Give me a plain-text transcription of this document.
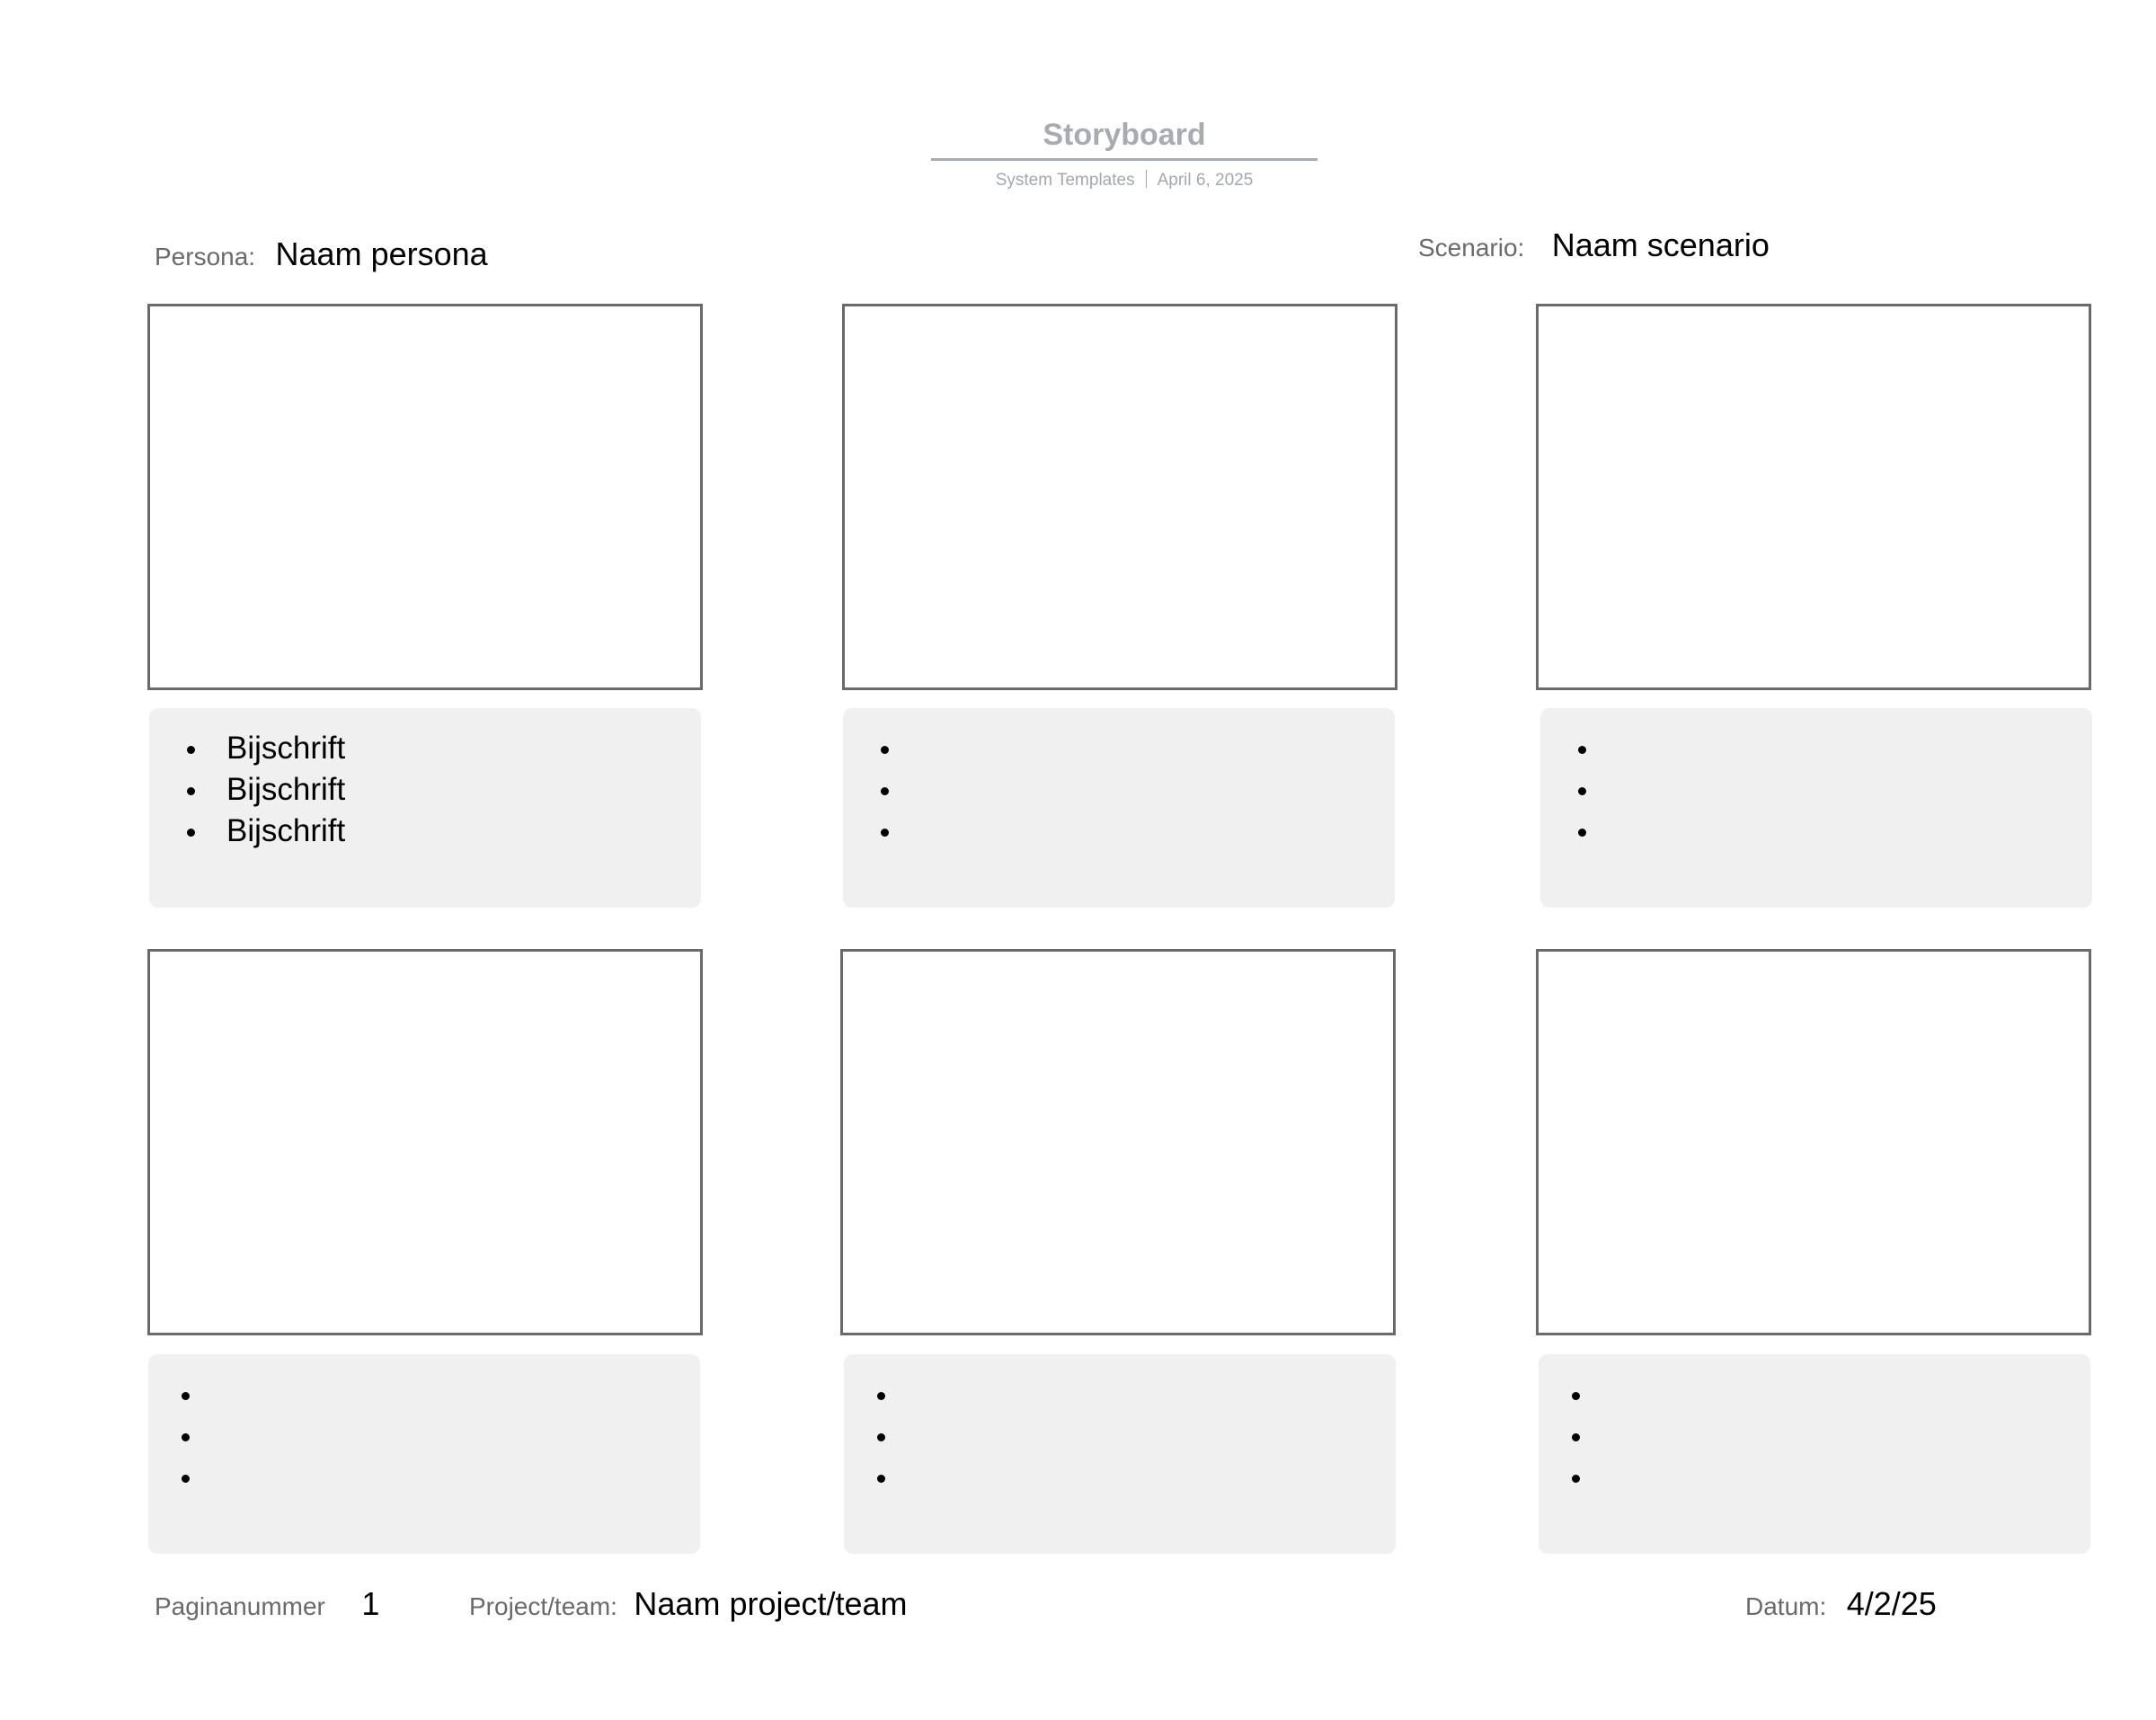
Storyboard
System Templates April 6, 2025
Persona: Naam persona	Scenario: Naam scenario
Bijschrift
Bijschrift
Bijschrift
Paginanummer 1	Project/team: Naam project/team	Datum: 4/2/25
